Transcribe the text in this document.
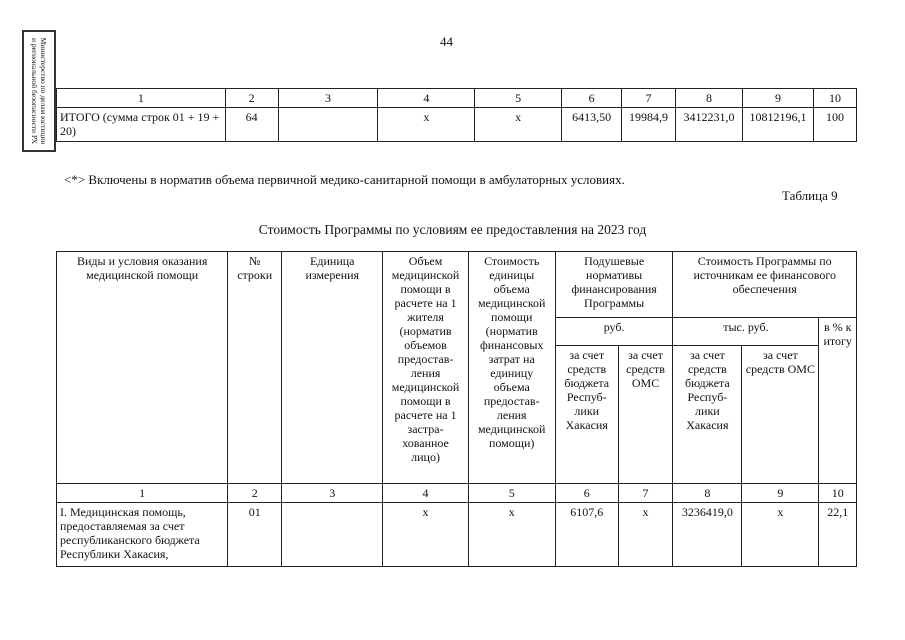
44
Министерство по делам юстиции и региональной безопасности РХ	1	2	3	4	5	6	7	8	9	10
ИТОГО (сумма строк 01 + 19 + 20)	64		х	х	6413,50	19984,9	3412231,0	10812196,1	100
<*> Включены в норматив объема первичной медико-санитарной помощи в амбулаторных условиях.
Таблица 9
Стоимость Программы по условиям ее предоставления на 2023 год
Виды и условия оказания медицинской помощи	№ строки	Единица измерения	Объем медицинской помощи в расчете на 1 жителя (норматив объемов предостав-ления медицинской помощи в расчете на 1 застра-хованное лицо)	Стоимость единицы объема медицинской помощи (норматив финансовых затрат на единицу объема предостав-ления медицинской помощи)	Подушевые нормативы финансирования Программы		Стоимость Программы по источникам ее финансового обеспечения		
					руб.		тыс. руб.		в % к итогу
					за счет средств бюджета Респуб-лики Хакасия	за счет средств ОМС	за счет средств бюджета Респуб-лики Хакасия	за счет средств ОМС	
1	2	3	4	5	6	7	8	9	10
I. Медицинская помощь, предоставляемая за счет республиканского бюджета Республики Хакасия,	01		х	х	6107,6	х	3236419,0	х	22,1
